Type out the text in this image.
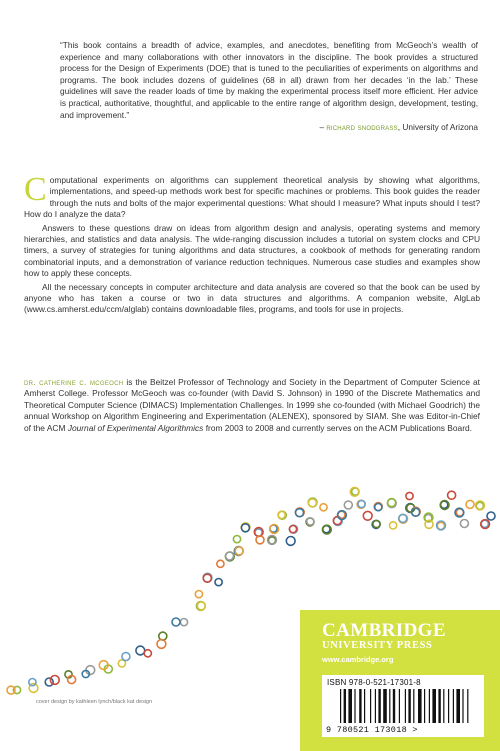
“This book contains a breadth of advice, examples, and anecdotes, benefiting from McGeoch’s wealth of experience and many collaborations with other innovators in the discipline. The book provides a structured process for the Design of Experiments (DOE) that is tuned to the peculiarities of experiments on algorithms and programs. The book includes dozens of guidelines (68 in all) drawn from her decades ‘in the lab.’ These guidelines will save the reader loads of time by making the experimental process itself more efficient. Her advice is practical, authoritative, thoughtful, and applicable to the entire range of algorithm design, development, testing, and improvement.”

– richard snodgrass, University of Arizona

Computational experiments on algorithms can supplement theoretical analysis by showing what algorithms, implementations, and speed-up methods work best for specific machines or problems. This book guides the reader through the nuts and bolts of the major experimental questions: What should I measure? What inputs should I test? How do I analyze the data?

Answers to these questions draw on ideas from algorithm design and analysis, operating systems and memory hierarchies, and statistics and data analysis. The wide-ranging discussion includes a tutorial on system clocks and CPU timers, a survey of strategies for tuning algorithms and data structures, a cookbook of methods for generating random combinatorial inputs, and a demonstration of variance reduction techniques. Numerous case studies and examples show how to apply these concepts.

All the necessary concepts in computer architecture and data analysis are covered so that the book can be used by anyone who has taken a course or two in data structures and algorithms. A companion website, AlgLab (www.cs.amherst.edu/ccm/alglab) contains downloadable files, programs, and tools for use in projects.

dr. catherine c. mcgeoch is the Beitzel Professor of Technology and Society in the Department of Computer Science at Amherst College. Professor McGeoch was co-founder (with David S. Johnson) in 1990 of the Discrete Mathematics and Theoretical Computer Science (DIMACS) Implementation Challenges. In 1999 she co-founded (with Michael Goodrich) the annual Workshop on Algorithm Engineering and Experimentation (ALENEX), sponsored by SIAM. She was Editor-in-Chief of the ACM Journal of Experimental Algorithmics from 2003 to 2008 and currently serves on the ACM Publications Board.
CAMBRIDGE
UNIVERSITY PRESS
www.cambridge.org
ISBN 978-0-521-17301-8
9 780521 173018 >
cover design by kathleen lynch/black kat design
